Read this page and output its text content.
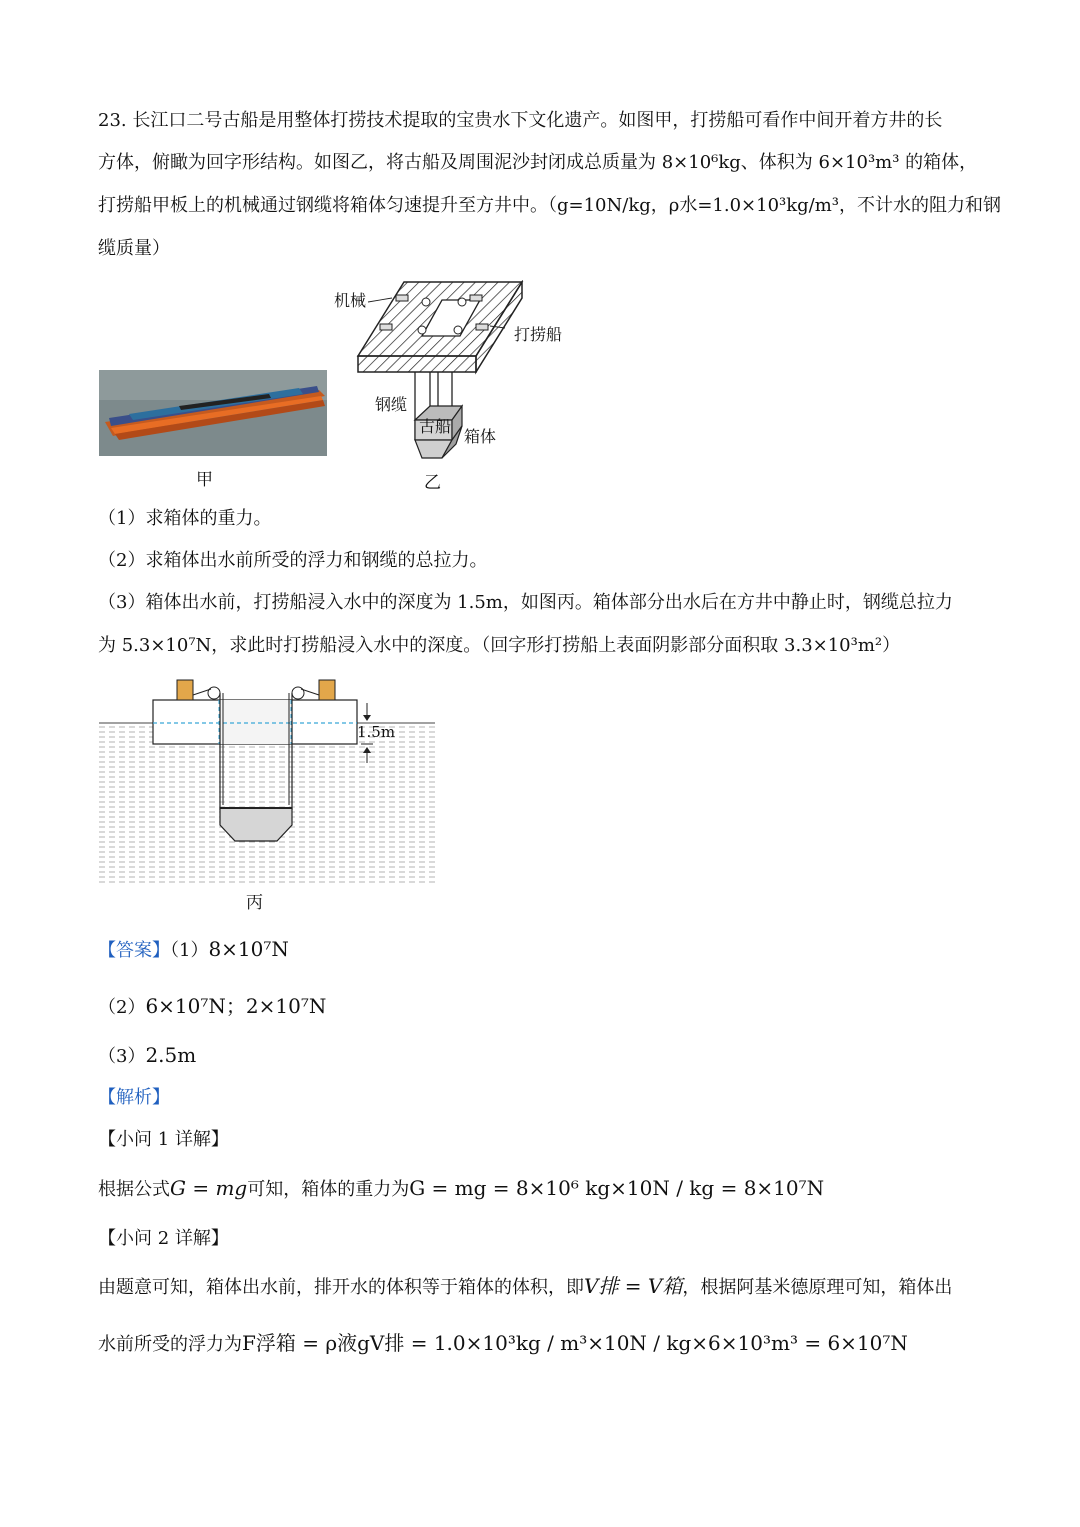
23. 长江口二号古船是用整体打捞技术提取的宝贵水下文化遗产。如图甲，打捞船可看作中间开着方井的长
方体，俯瞰为回字形结构。如图乙，将古船及周围泥沙封闭成总质量为 8×10⁶kg、体积为 6×10³m³ 的箱体，
打捞船甲板上的机械通过钢缆将箱体匀速提升至方井中。（g=10N/kg，ρ水=1.0×10³kg/m³，不计水的阻力和钢
缆质量）
甲
机械
打捞船
钢缆
古船
箱体
乙
（1）求箱体的重力。
（2）求箱体出水前所受的浮力和钢缆的总拉力。
（3）箱体出水前，打捞船浸入水中的深度为 1.5m，如图丙。箱体部分出水后在方井中静止时，钢缆总拉力
为 5.3×10⁷N，求此时打捞船浸入水中的深度。（回字形打捞船上表面阴影部分面积取 3.3×10³m²）
1.5m
丙
【答案】（1）8×10⁷N
（2）6×10⁷N；2×10⁷N
（3）2.5m
【解析】
【小问 1 详解】
根据公式G = mg可知，箱体的重力为G = mg = 8×10⁶ kg×10N / kg = 8×10⁷N
【小问 2 详解】
由题意可知，箱体出水前，排开水的体积等于箱体的体积，即V排 = V箱，根据阿基米德原理可知，箱体出
水前所受的浮力为F浮箱 = ρ液gV排 = 1.0×10³kg / m³×10N / kg×6×10³m³ = 6×10⁷N
